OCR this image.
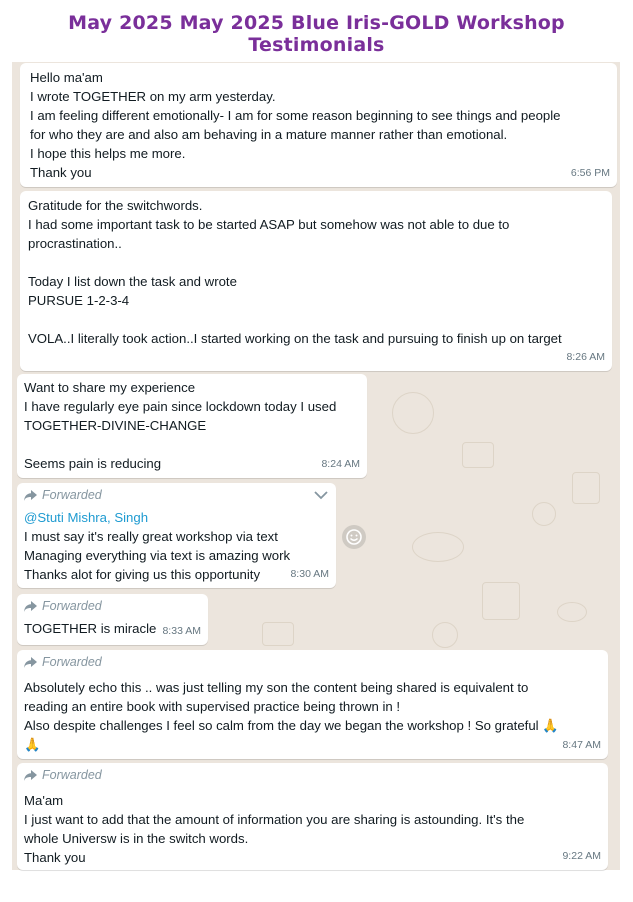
May 2025 May 2025 Blue Iris-GOLD Workshop Testimonials
Hello ma'am
I wrote TOGETHER on my arm yesterday.
I am feeling different emotionally- I am for some reason beginning to see things and people
for who they are and also am behaving in a mature manner rather than emotional.
I hope this helps me more.
Thank you	6:56 PM
Gratitude for the switchwords.
I had some important task to be started ASAP but somehow was not able to due to
procrastination..
Today I list down the task and wrote
PURSUE 1-2-3-4
VOLA..I literally took action..I started working on the task and pursuing to finish up on target
8:26 AM
Want to share my experience
I have regularly eye pain since lockdown today I used
TOGETHER-DIVINE-CHANGE
Seems pain is reducing	8:24 AM
Forwarded
@Stuti Mishra, Singh
I must say it's really great workshop via text
Managing everything via text is amazing work
Thanks alot for giving us this opportunity	8:30 AM
Forwarded
TOGETHER is miracle 8:33 AM
Forwarded
Absolutely echo this .. was just telling my son the content being shared is equivalent to
reading an entire book with supervised practice being thrown in !
Also despite challenges I feel so calm from the day we began the workshop ! So grateful 🙏
🙏	8:47 AM
Forwarded
Ma'am
I just want to add that the amount of information you are sharing is astounding. It's the
whole Universw is in the switch words.
Thank you	9:22 AM
